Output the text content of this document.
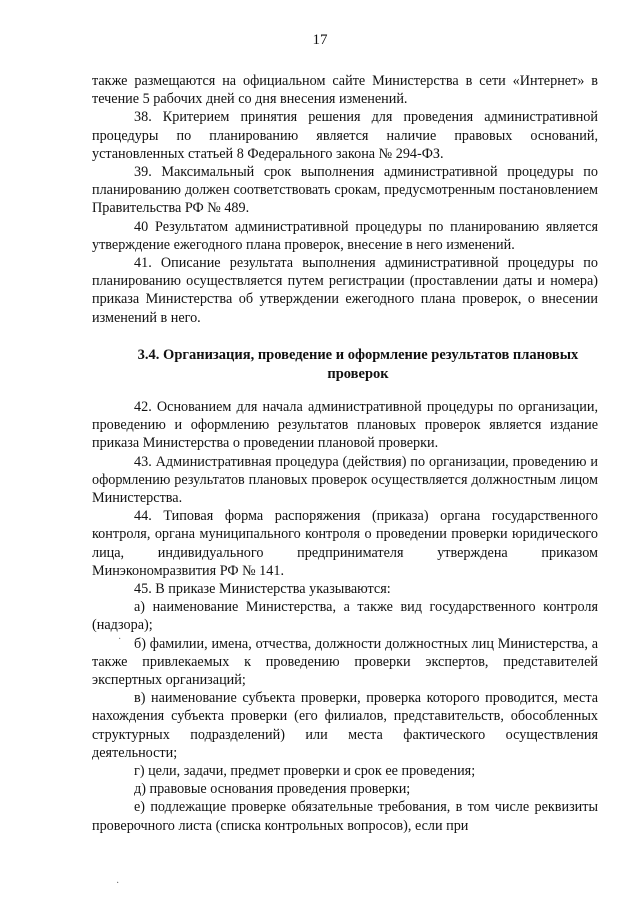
17

также размещаются на официальном сайте Министерства в сети «Интернет» в течение 5 рабочих дней со дня внесения изменений.

38. Критерием принятия решения для проведения административной процедуры по планированию является наличие правовых оснований, установленных статьей 8 Федерального закона № 294-ФЗ.

39. Максимальный срок выполнения административной процедуры по планированию должен соответствовать срокам, предусмотренным постановлением Правительства РФ № 489.

40 Результатом административной процедуры по планированию является утверждение ежегодного плана проверок, внесение в него изменений.

41. Описание результата выполнения административной процедуры по планированию осуществляется путем регистрации (проставлении даты и номера) приказа Министерства об утверждении ежегодного плана проверок, о внесении изменений в него.

3.4. Организация, проведение и оформление результатов плановых проверок

42. Основанием для начала административной процедуры по организации, проведению и оформлению результатов плановых проверок является издание приказа Министерства о проведении плановой проверки.

43. Административная процедура (действия) по организации, проведению и оформлению результатов плановых проверок осуществляется должностным лицом Министерства.

44. Типовая форма распоряжения (приказа) органа государственного контроля, органа муниципального контроля о проведении проверки юридического лица, индивидуального предпринимателя утверждена приказом Минэкономразвития РФ № 141.

45. В приказе Министерства указываются:

а) наименование Министерства, а также вид государственного контроля (надзора);

б) фамилии, имена, отчества, должности должностных лиц Министерства, а также привлекаемых к проведению проверки экспертов, представителей экспертных организаций;

в) наименование субъекта проверки, проверка которого проводится, места нахождения субъекта проверки (его филиалов, представительств, обособленных структурных подразделений) или места фактического осуществления деятельности;

г) цели, задачи, предмет проверки и срок ее проведения;

д) правовые основания проведения проверки;

е) подлежащие проверке обязательные требования, в том числе реквизиты проверочного листа (списка контрольных вопросов), если при

·
·
